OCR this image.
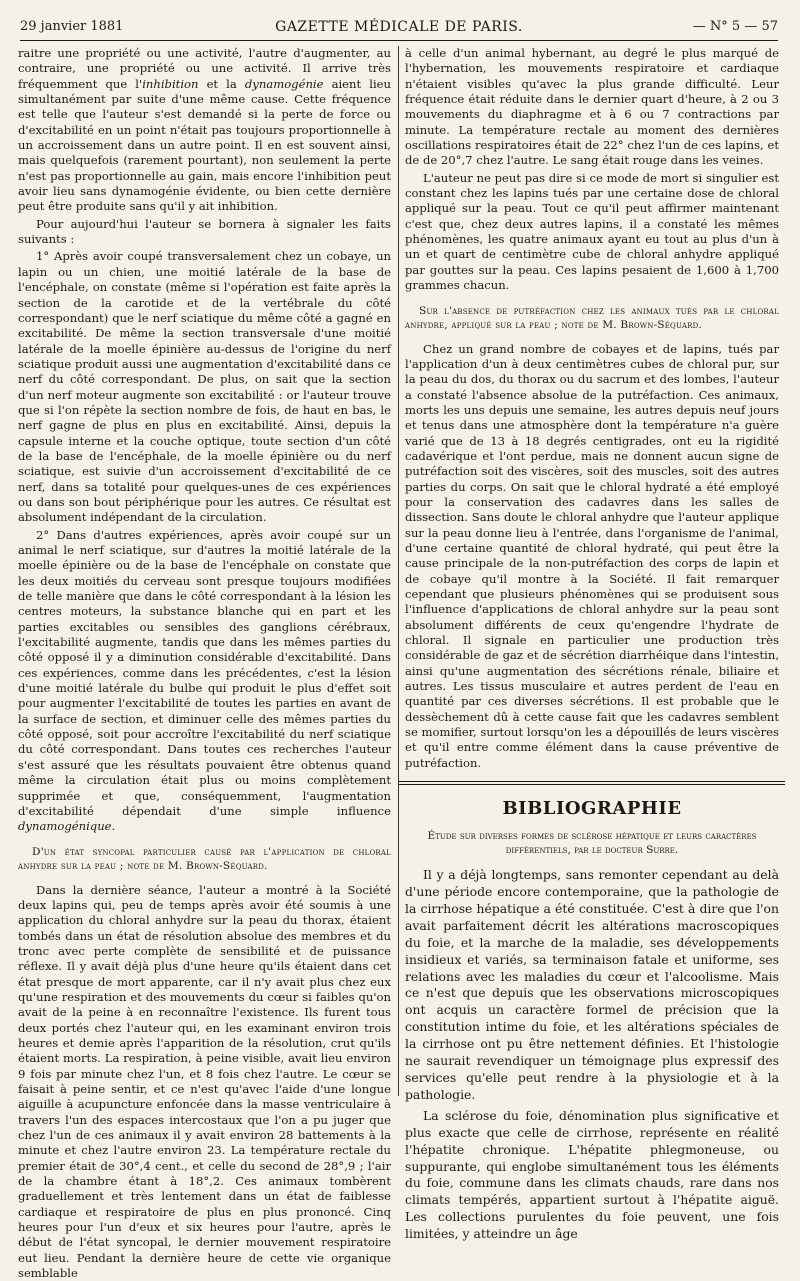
29 janvier 1881	GAZETTE MÉDICALE DE PARIS.	— N° 5 — 57

raitre une propriété ou une activité, l'autre d'augmenter, au contraire, une propriété ou une activité. Il arrive très fréquemment que l'inhibition et la dynamogénie aient lieu simultanément par suite d'une même cause. Cette fréquence est telle que l'auteur s'est demandé si la perte de force ou d'excitabilité en un point n'était pas toujours proportionnelle à un accroissement dans un autre point. Il en est souvent ainsi, mais quelquefois (rarement pourtant), non seulement la perte n'est pas proportionnelle au gain, mais encore l'inhibition peut avoir lieu sans dynamogénie évidente, ou bien cette dernière peut être produite sans qu'il y ait inhibition.

Pour aujourd'hui l'auteur se bornera à signaler les faits suivants :

1° Après avoir coupé transversalement chez un cobaye, un lapin ou un chien, une moitié latérale de la base de l'encéphale, on constate (même si l'opération est faite après la section de la carotide et de la vertébrale du côté correspondant) que le nerf sciatique du même côté a gagné en excitabilité. De même la section transversale d'une moitié latérale de la moelle épinière au-dessus de l'origine du nerf sciatique produit aussi une augmentation d'excitabilité dans ce nerf du côté correspondant. De plus, on sait que la section d'un nerf moteur augmente son excitabilité : or l'auteur trouve que si l'on répète la section nombre de fois, de haut en bas, le nerf gagne de plus en plus en excitabilité. Ainsi, depuis la capsule interne et la couche optique, toute section d'un côté de la base de l'encéphale, de la moelle épinière ou du nerf sciatique, est suivie d'un accroissement d'excitabilité de ce nerf, dans sa totalité pour quelques-unes de ces expériences ou dans son bout périphérique pour les autres. Ce résultat est absolument indépendant de la circulation.

2° Dans d'autres expériences, après avoir coupé sur un animal le nerf sciatique, sur d'autres la moitié latérale de la moelle épinière ou de la base de l'encéphale on constate que les deux moitiés du cerveau sont presque toujours modifiées de telle manière que dans le côté correspondant à la lésion les centres moteurs, la substance blanche qui en part et les parties excitables ou sensibles des ganglions cérébraux, l'excitabilité augmente, tandis que dans les mêmes parties du côté opposé il y a diminution considérable d'excitabilité. Dans ces expériences, comme dans les précédentes, c'est la lésion d'une moitié latérale du bulbe qui produit le plus d'effet soit pour augmenter l'excitabilité de toutes les parties en avant de la surface de section, et diminuer celle des mêmes parties du côté opposé, soit pour accroître l'excitabilité du nerf sciatique du côté correspondant. Dans toutes ces recherches l'auteur s'est assuré que les résultats pouvaient être obtenus quand même la circulation était plus ou moins complètement supprimée et que, conséquemment, l'augmentation d'excitabilité dépendait d'une simple influence dynamogénique.

D'un état syncopal particulier causé par l'application de chloral anhydre sur la peau ; note de M. Brown-Séquard.

Dans la dernière séance, l'auteur a montré à la Société deux lapins qui, peu de temps après avoir été soumis à une application du chloral anhydre sur la peau du thorax, étaient tombés dans un état de résolution absolue des membres et du tronc avec perte complète de sensibilité et de puissance réflexe. Il y avait déjà plus d'une heure qu'ils étaient dans cet état presque de mort apparente, car il n'y avait plus chez eux qu'une respiration et des mouvements du cœur si faibles qu'on avait de la peine à en reconnaître l'existence. Ils furent tous deux portés chez l'auteur qui, en les examinant environ trois heures et demie après l'apparition de la résolution, crut qu'ils étaient morts. La respiration, à peine visible, avait lieu environ 9 fois par minute chez l'un, et 8 fois chez l'autre. Le cœur se faisait à peine sentir, et ce n'est qu'avec l'aide d'une longue aiguille à acupuncture enfoncée dans la masse ventriculaire à travers l'un des espaces intercostaux que l'on a pu juger que chez l'un de ces animaux il y avait environ 28 battements à la minute et chez l'autre environ 23. La température rectale du premier était de 30°,4 cent., et celle du second de 28°,9 ; l'air de la chambre étant à 18°,2. Ces animaux tombèrent graduellement et très lentement dans un état de faiblesse cardiaque et respiratoire de plus en plus prononcé. Cinq heures pour l'un d'eux et six heures pour l'autre, après le début de l'état syncopal, le dernier mouvement respiratoire eut lieu. Pendant la dernière heure de cette vie organique semblable

à celle d'un animal hybernant, au degré le plus marqué de l'hybernation, les mouvements respiratoire et cardiaque n'étaient visibles qu'avec la plus grande difficulté. Leur fréquence était réduite dans le dernier quart d'heure, à 2 ou 3 mouvements du diaphragme et à 6 ou 7 contractions par minute. La température rectale au moment des dernières oscillations respiratoires était de 22° chez l'un de ces lapins, et de de 20°,7 chez l'autre. Le sang était rouge dans les veines.

L'auteur ne peut pas dire si ce mode de mort si singulier est constant chez les lapins tués par une certaine dose de chloral appliqué sur la peau. Tout ce qu'il peut affirmer maintenant c'est que, chez deux autres lapins, il a constaté les mêmes phénomènes, les quatre animaux ayant eu tout au plus d'un à un et quart de centimètre cube de chloral anhydre appliqué par gouttes sur la peau. Ces lapins pesaient de 1,600 à 1,700 grammes chacun.

Sur l'absence de putréfaction chez les animaux tués par le chloral anhydre, appliqué sur la peau ; note de M. Brown-Séquard.

Chez un grand nombre de cobayes et de lapins, tués par l'application d'un à deux centimètres cubes de chloral pur, sur la peau du dos, du thorax ou du sacrum et des lombes, l'auteur a constaté l'absence absolue de la putréfaction. Ces animaux, morts les uns depuis une semaine, les autres depuis neuf jours et tenus dans une atmosphère dont la température n'a guère varié que de 13 à 18 degrés centigrades, ont eu la rigidité cadavérique et l'ont perdue, mais ne donnent aucun signe de putréfaction soit des viscères, soit des muscles, soit des autres parties du corps. On sait que le chloral hydraté a été employé pour la conservation des cadavres dans les salles de dissection. Sans doute le chloral anhydre que l'auteur applique sur la peau donne lieu à l'entrée, dans l'organisme de l'animal, d'une certaine quantité de chloral hydraté, qui peut être la cause principale de la non-putréfaction des corps de lapin et de cobaye qu'il montre à la Société. Il fait remarquer cependant que plusieurs phénomènes qui se produisent sous l'influence d'applications de chloral anhydre sur la peau sont absolument différents de ceux qu'engendre l'hydrate de chloral. Il signale en particulier une production très considérable de gaz et de sécrétion diarrhéique dans l'intestin, ainsi qu'une augmentation des sécrétions rénale, biliaire et autres. Les tissus musculaire et autres perdent de l'eau en quantité par ces diverses sécrétions. Il est probable que le dessèchement dû à cette cause fait que les cadavres semblent se momifier, surtout lorsqu'on les a dépouillés de leurs viscères et qu'il entre comme élément dans la cause préventive de putréfaction.

BIBLIOGRAPHIE
Étude sur diverses formes de sclérose hépatique et leurs caractères différentiels, par le docteur Surre.

Il y a déjà longtemps, sans remonter cependant au delà d'une période encore contemporaine, que la pathologie de la cirrhose hépatique a été constituée. C'est à dire que l'on avait parfaitement décrit les altérations macroscopiques du foie, et la marche de la maladie, ses développements insidieux et variés, sa terminaison fatale et uniforme, ses relations avec les maladies du cœur et l'alcoolisme. Mais ce n'est que depuis que les observations microscopiques ont acquis un caractère formel de précision que la constitution intime du foie, et les altérations spéciales de la cirrhose ont pu être nettement définies. Et l'histologie ne saurait revendiquer un témoignage plus expressif des services qu'elle peut rendre à la physiologie et à la pathologie.

La sclérose du foie, dénomination plus significative et plus exacte que celle de cirrhose, représente en réalité l'hépatite chronique. L'hépatite phlegmoneuse, ou suppurante, qui englobe simultanément tous les éléments du foie, commune dans les climats chauds, rare dans nos climats tempérés, appartient surtout à l'hépatite aiguë. Les collections purulentes du foie peuvent, une fois limitées, y atteindre un âge
